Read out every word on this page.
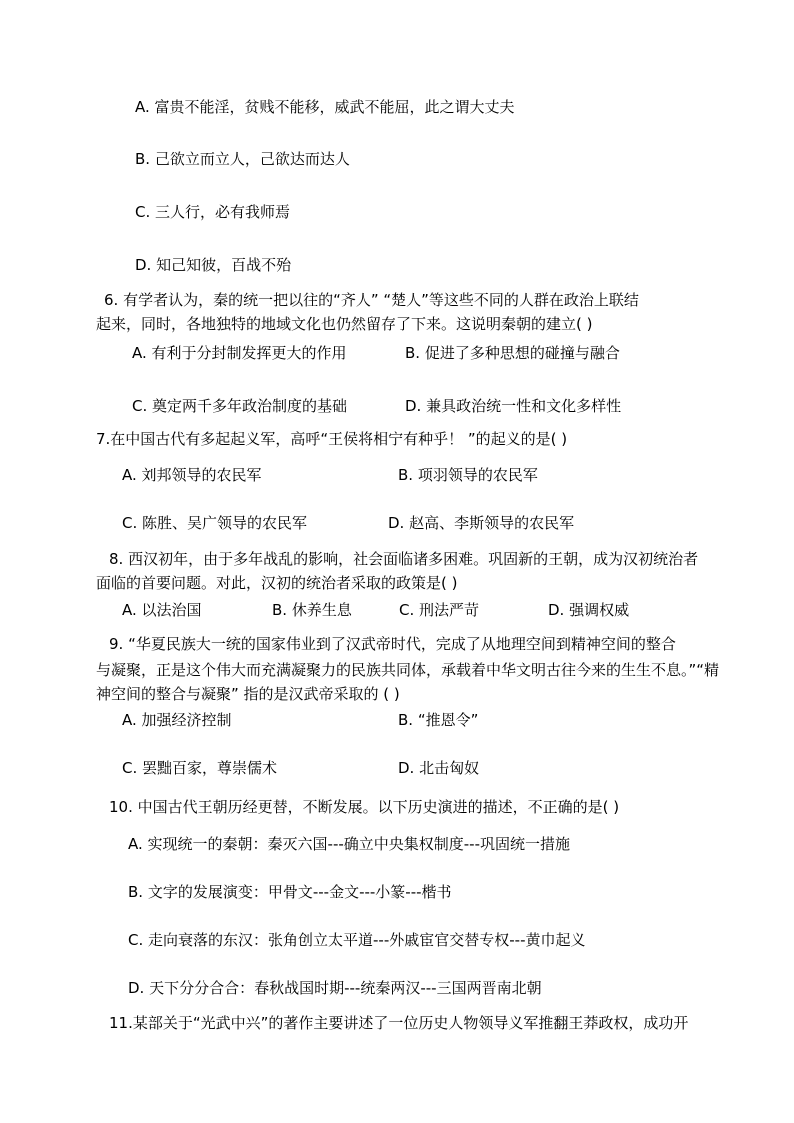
A. 富贵不能淫，贫贱不能移，威武不能屈，此之谓大丈夫
B. 己欲立而立人，己欲达而达人
C. 三人行，必有我师焉
D. 知己知彼，百战不殆
6. 有学者认为，秦的统一把以往的“齐人” “楚人”等这些不同的人群在政治上联结
起来，同时，各地独特的地域文化也仍然留存了下来。这说明秦朝的建立( )
A. 有利于分封制发挥更大的作用	B. 促进了多种思想的碰撞与融合
C. 奠定两千多年政治制度的基础	D. 兼具政治统一性和文化多样性
7.在中国古代有多起起义军，高呼“王侯将相宁有种乎！ ”的起义的是( )
A. 刘邦领导的农民军	B. 项羽领导的农民军
C. 陈胜、吴广领导的农民军	D. 赵高、李斯领导的农民军
8. 西汉初年，由于多年战乱的影响，社会面临诸多困难。巩固新的王朝，成为汉初统治者
面临的首要问题。对此，汉初的统治者采取的政策是( )
A. 以法治国	B. 休养生息	C. 刑法严苛	D. 强调权威
9. “华夏民族大一统的国家伟业到了汉武帝时代，完成了从地理空间到精神空间的整合
与凝聚，正是这个伟大而充满凝聚力的民族共同体，承载着中华文明古往今来的生生不息。”“精
神空间的整合与凝聚” 指的是汉武帝采取的 ( )
A. 加强经济控制	B. “推恩令”
C. 罢黜百家，尊崇儒术	D. 北击匈奴
10. 中国古代王朝历经更替，不断发展。以下历史演进的描述，不正确的是( )
A. 实现统一的秦朝：秦灭六国---确立中央集权制度---巩固统一措施
B. 文字的发展演变：甲骨文---金文---小篆---楷书
C. 走向衰落的东汉：张角创立太平道---外戚宦官交替专权---黄巾起义
D. 天下分分合合：春秋战国时期---统秦两汉---三国两晋南北朝
11.某部关于“光武中兴”的著作主要讲述了一位历史人物领导义军推翻王莽政权，成功开
